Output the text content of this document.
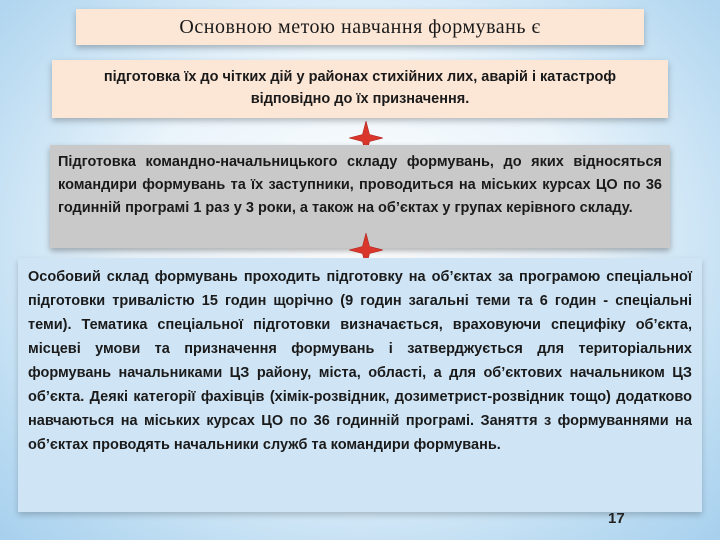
Основною метою навчання формувань є
підготовка їх до чітких дій у районах стихійних лих, аварій і катастроф відповідно до їх призначення.
Підготовка командно-начальницького складу формувань, до яких відносяться командири формувань та їх заступники, проводиться на міських курсах ЦО по 36 годинній програмі 1 раз у 3 роки, а також на об’єктах у групах керівного складу.
Особовий склад формувань проходить підготовку на об’єктах за програмою спеціальної підготовки тривалістю 15 годин щорічно (9 годин загальні теми та 6 годин - спеціальні теми). Тематика спеціальної підготовки визначається, враховуючи специфіку об’єкта, місцеві умови та призначення формувань і затверджується для територіальних формувань начальниками ЦЗ району, міста, області, а для об’єктових начальником ЦЗ об’єкта. Деякі категорії фахівців (хімік-розвідник, дозиметрист-розвідник тощо) додатково навчаються на міських курсах ЦО по 36 годинній програмі. Заняття з формуваннями на об’єктах проводять начальники служб та командири формувань.
17
